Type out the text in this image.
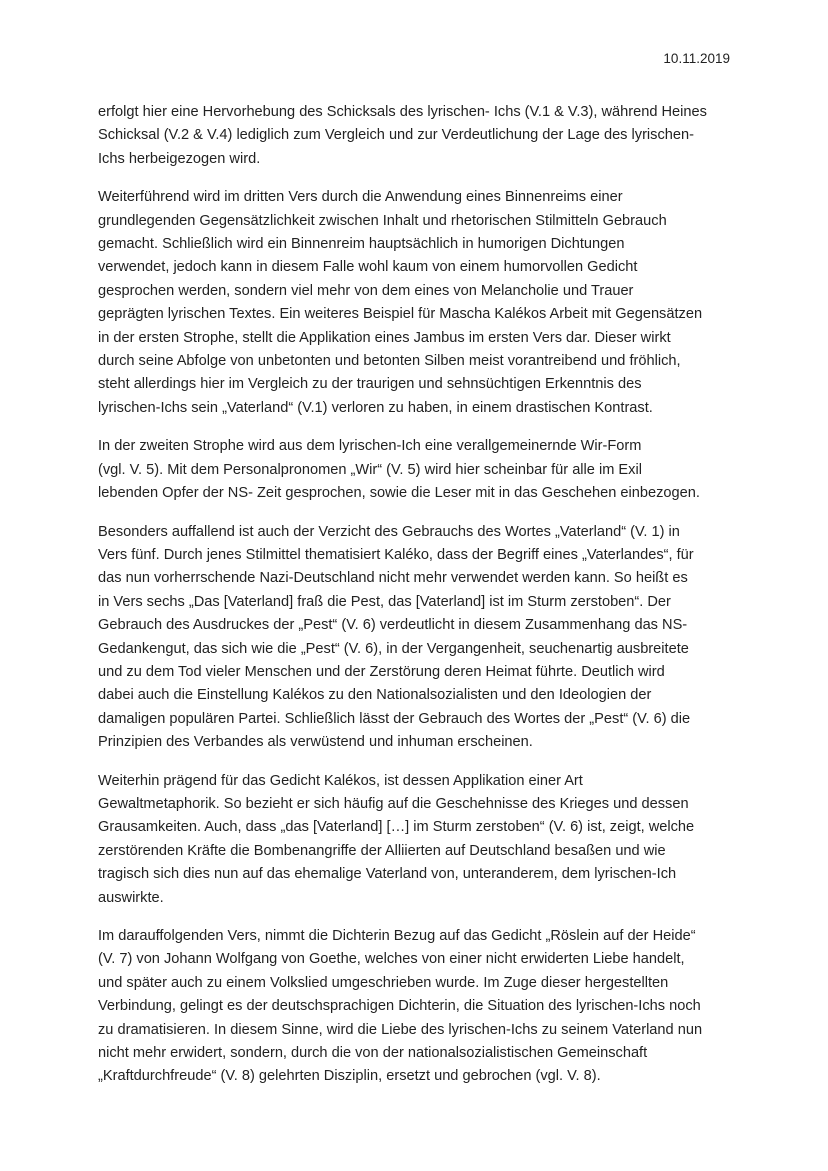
10.11.2019

erfolgt hier eine Hervorhebung des Schicksals des lyrischen- Ichs (V.1 & V.3), während Heines
Schicksal (V.2 & V.4) lediglich zum Vergleich und zur Verdeutlichung der Lage des lyrischen-
Ichs herbeigezogen wird.

Weiterführend wird im dritten Vers durch die Anwendung eines Binnenreims einer
grundlegenden Gegensätzlichkeit zwischen Inhalt und rhetorischen Stilmitteln Gebrauch
gemacht. Schließlich wird ein Binnenreim hauptsächlich in humorigen Dichtungen
verwendet, jedoch kann in diesem Falle wohl kaum von einem humorvollen Gedicht
gesprochen werden, sondern viel mehr von dem eines von Melancholie und Trauer
geprägten lyrischen Textes. Ein weiteres Beispiel für Mascha Kalékos Arbeit mit Gegensätzen
in der ersten Strophe, stellt die Applikation eines Jambus im ersten Vers dar. Dieser wirkt
durch seine Abfolge von unbetonten und betonten Silben meist vorantreibend und fröhlich,
steht allerdings hier im Vergleich zu der traurigen und sehnsüchtigen Erkenntnis des
lyrischen-Ichs sein „Vaterland“ (V.1) verloren zu haben, in einem drastischen Kontrast.

In der zweiten Strophe wird aus dem lyrischen-Ich eine verallgemeinernde Wir-Form
(vgl. V. 5). Mit dem Personalpronomen „Wir“ (V. 5) wird hier scheinbar für alle im Exil
lebenden Opfer der NS- Zeit gesprochen, sowie die Leser mit in das Geschehen einbezogen.

Besonders auffallend ist auch der Verzicht des Gebrauchs des Wortes „Vaterland“ (V. 1) in
Vers fünf. Durch jenes Stilmittel thematisiert Kaléko, dass der Begriff eines „Vaterlandes“, für
das nun vorherrschende Nazi-Deutschland nicht mehr verwendet werden kann. So heißt es
in Vers sechs „Das [Vaterland] fraß die Pest, das [Vaterland] ist im Sturm zerstoben“. Der
Gebrauch des Ausdruckes der „Pest“ (V. 6) verdeutlicht in diesem Zusammenhang das NS-
Gedankengut, das sich wie die „Pest“ (V. 6), in der Vergangenheit, seuchenartig ausbreitete
und zu dem Tod vieler Menschen und der Zerstörung deren Heimat führte. Deutlich wird
dabei auch die Einstellung Kalékos zu den Nationalsozialisten und den Ideologien der
damaligen populären Partei. Schließlich lässt der Gebrauch des Wortes der „Pest“ (V. 6) die
Prinzipien des Verbandes als verwüstend und inhuman erscheinen.

Weiterhin prägend für das Gedicht Kalékos, ist dessen Applikation einer Art
Gewaltmetaphorik. So bezieht er sich häufig auf die Geschehnisse des Krieges und dessen
Grausamkeiten. Auch, dass „das [Vaterland] […] im Sturm zerstoben“ (V. 6) ist, zeigt, welche
zerstörenden Kräfte die Bombenangriffe der Alliierten auf Deutschland besaßen und wie
tragisch sich dies nun auf das ehemalige Vaterland von, unteranderem, dem lyrischen-Ich
auswirkte.

Im darauffolgenden Vers, nimmt die Dichterin Bezug auf das Gedicht „Röslein auf der Heide“
(V. 7) von Johann Wolfgang von Goethe, welches von einer nicht erwiderten Liebe handelt,
und später auch zu einem Volkslied umgeschrieben wurde. Im Zuge dieser hergestellten
Verbindung, gelingt es der deutschsprachigen Dichterin, die Situation des lyrischen-Ichs noch
zu dramatisieren. In diesem Sinne, wird die Liebe des lyrischen-Ichs zu seinem Vaterland nun
nicht mehr erwidert, sondern, durch die von der nationalsozialistischen Gemeinschaft
„Kraftdurchfreude“ (V. 8) gelehrten Disziplin, ersetzt und gebrochen (vgl. V. 8).
